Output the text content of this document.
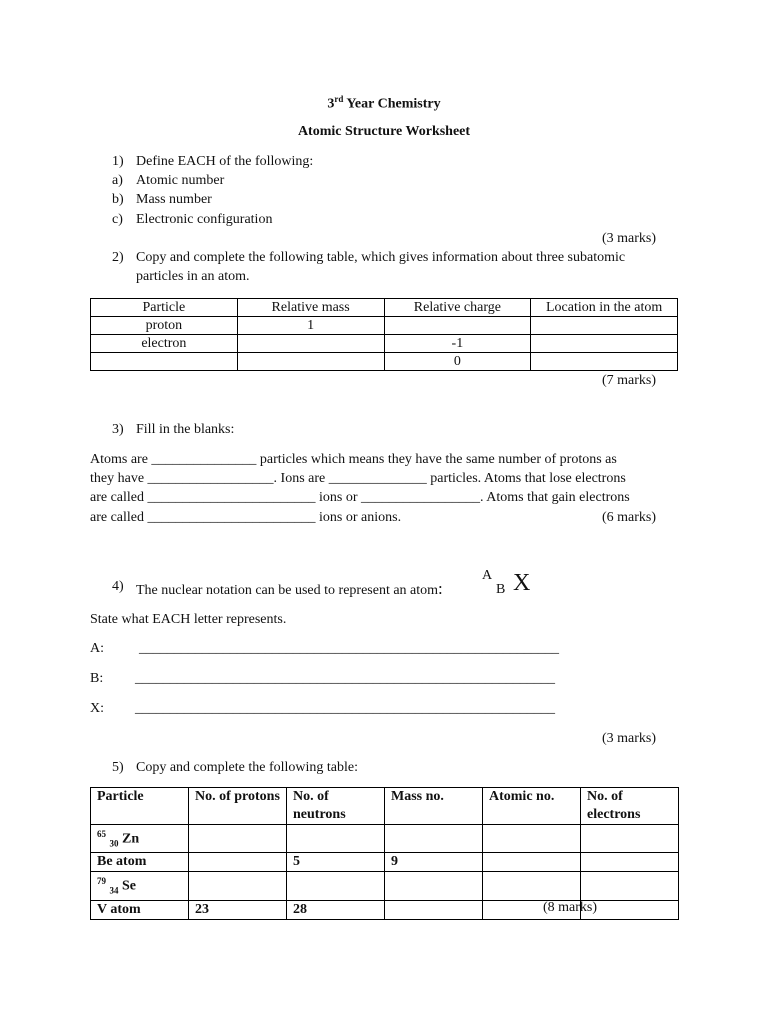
3rd Year Chemistry
Atomic Structure Worksheet
1) Define EACH of the following:
a) Atomic number
b) Mass number
c) Electronic configuration
(3 marks)
2) Copy and complete the following table, which gives information about three subatomic
particles in an atom.
Particle	Relative mass	Relative charge	Location in the atom
proton	1		
electron		-1	
		0	
(7 marks)
3) Fill in the blanks:
Atoms are _______________ particles which means they have the same number of protons as
they have __________________. Ions are ______________ particles. Atoms that lose electrons
are called ________________________ ions or _________________. Atoms that gain electrons
are called ________________________ ions or anions.	(6 marks)
4) The nuclear notation can be used to represent an atom:
A
B X
State what EACH letter represents.
A:	____________________________________________________________
B: ____________________________________________________________
X: ____________________________________________________________
(3 marks)
5) Copy and complete the following table:
Particle	No. of protons	No. of neutrons	Mass no.	Atomic no.	No. of electrons
$^{65}$ $_{30}$ Zn					
Be atom		5	9		
$^{79}$ $_{34}$ Se					
V atom	23	28				(8 marks)
